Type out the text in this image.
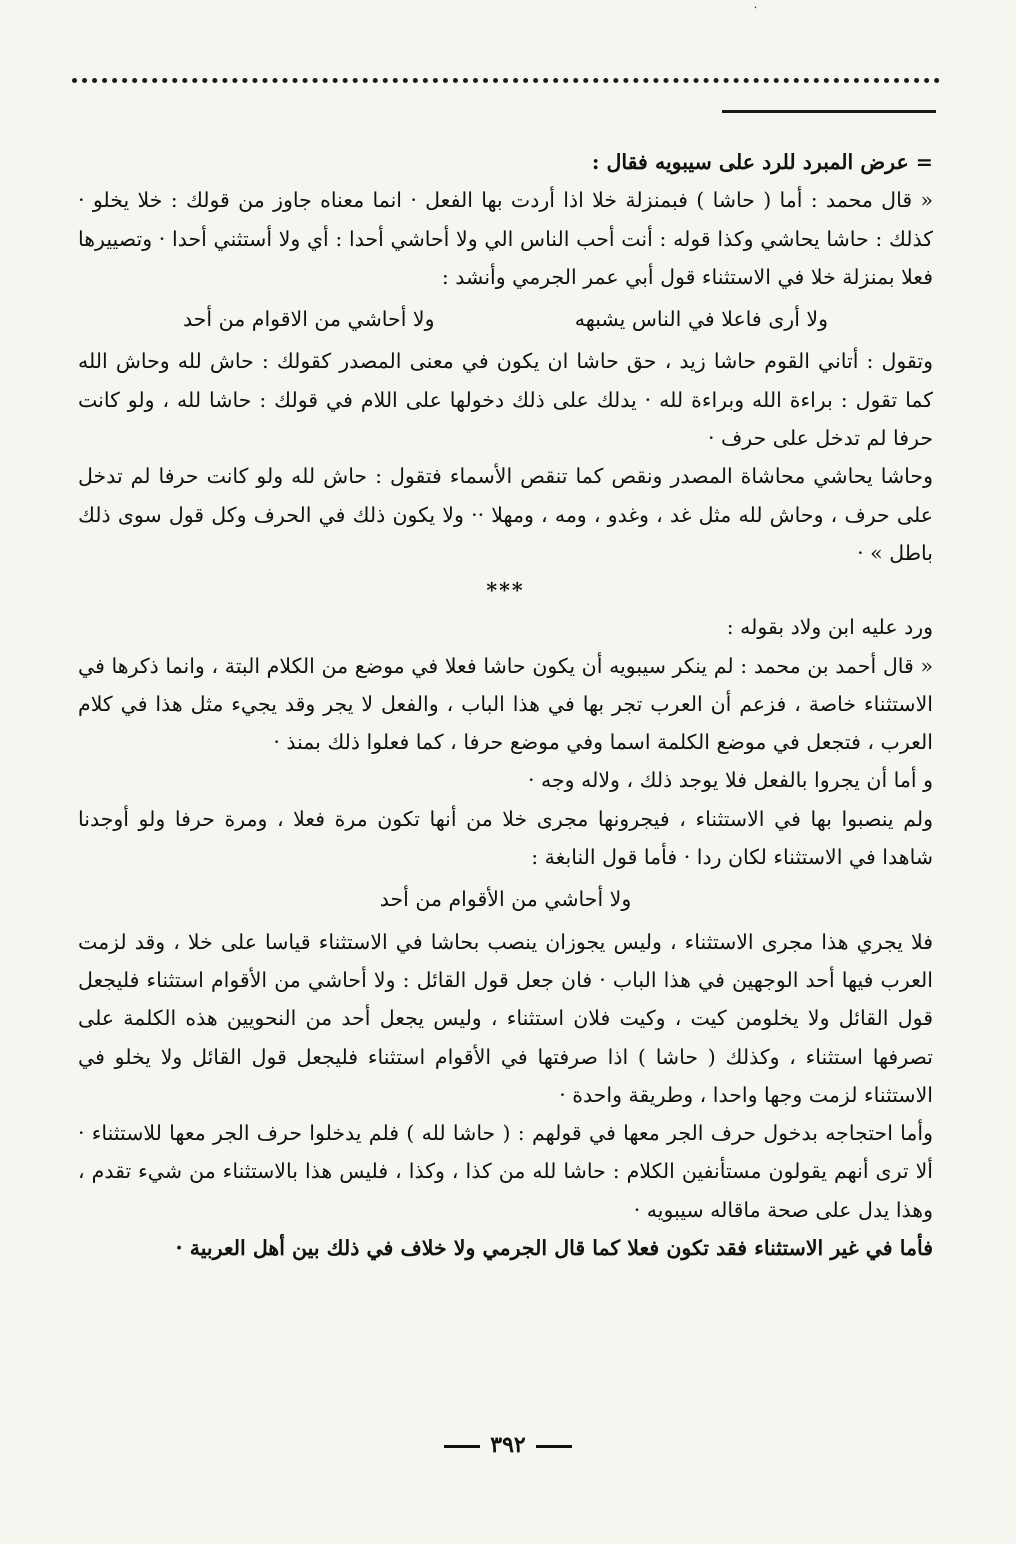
٠

= عرض المبرد للرد على سيبويه فقال :

« قال محمد : أما ( حاشا ) فبمنزلة خلا اذا أردت بها الفعل · انما معناه جاوز من قولك : خلا يخلو · كذلك : حاشا يحاشي وكذا قوله : أنت أحب الناس الي ولا أحاشي أحدا : أي ولا أستثني أحدا · وتصييرها فعلا بمنزلة خلا في الاستثناء قول أبي عمر الجرمي وأنشد :

ولا أرى فاعلا في الناس يشبهه
ولا أحاشي من الاقوام من أحد

وتقول : أتاني القوم حاشا زيد ، حق حاشا ان يكون في معنى المصدر كقولك : حاش لله وحاش الله كما تقول : براءة الله وبراءة لله · يدلك على ذلك دخولها على اللام في قولك : حاشا لله ، ولو كانت حرفا لم تدخل على حرف ·

وحاشا يحاشي محاشاة المصدر ونقص كما تنقص الأسماء فتقول : حاش لله ولو كانت حرفا لم تدخل على حرف ، وحاش لله مثل غد ، وغدو ، ومه ، ومهلا ·· ولا يكون ذلك في الحرف وكل قول سوى ذلك باطل » ·

***

ورد عليه ابن ولاد بقوله :

« قال أحمد بن محمد : لم ينكر سيبويه أن يكون حاشا فعلا في موضع من الكلام البتة ، وانما ذكرها في الاستثناء خاصة ، فزعم أن العرب تجر بها في هذا الباب ، والفعل لا يجر وقد يجيء مثل هذا في كلام العرب ، فتجعل في موضع الكلمة اسما وفي موضع حرفا ، كما فعلوا ذلك بمنذ ·

و أما أن يجروا بالفعل فلا يوجد ذلك ، ولاله وجه ·

ولم ينصبوا بها في الاستثناء ، فيجرونها مجرى خلا من أنها تكون مرة فعلا ، ومرة حرفا ولو أوجدنا شاهدا في الاستثناء لكان ردا · فأما قول النابغة :

ولا أحاشي من الأقوام من أحد

فلا يجري هذا مجرى الاستثناء ، وليس يجوزان ينصب بحاشا في الاستثناء قياسا على خلا ، وقد لزمت العرب فيها أحد الوجهين في هذا الباب · فان جعل قول القائل : ولا أحاشي من الأقوام استثناء فليجعل قول القائل ولا يخلومن كيت ، وكيت فلان استثناء ، وليس يجعل أحد من النحويين هذه الكلمة على تصرفها استثناء ، وكذلك ( حاشا ) اذا صرفتها في الأقوام استثناء فليجعل قول القائل ولا يخلو في الاستثناء لزمت وجها واحدا ، وطريقة واحدة ·

وأما احتجاجه بدخول حرف الجر معها في قولهم : ( حاشا لله ) فلم يدخلوا حرف الجر معها للاستثناء · ألا ترى أنهم يقولون مستأنفين الكلام : حاشا لله من كذا ، وكذا ، فليس هذا بالاستثناء من شيء تقدم ، وهذا يدل على صحة ماقاله سيبويه ·

فأما في غير الاستثناء فقد تكون فعلا كما قال الجرمي ولا خلاف في ذلك بين أهل العربية ·

٣٩٢
